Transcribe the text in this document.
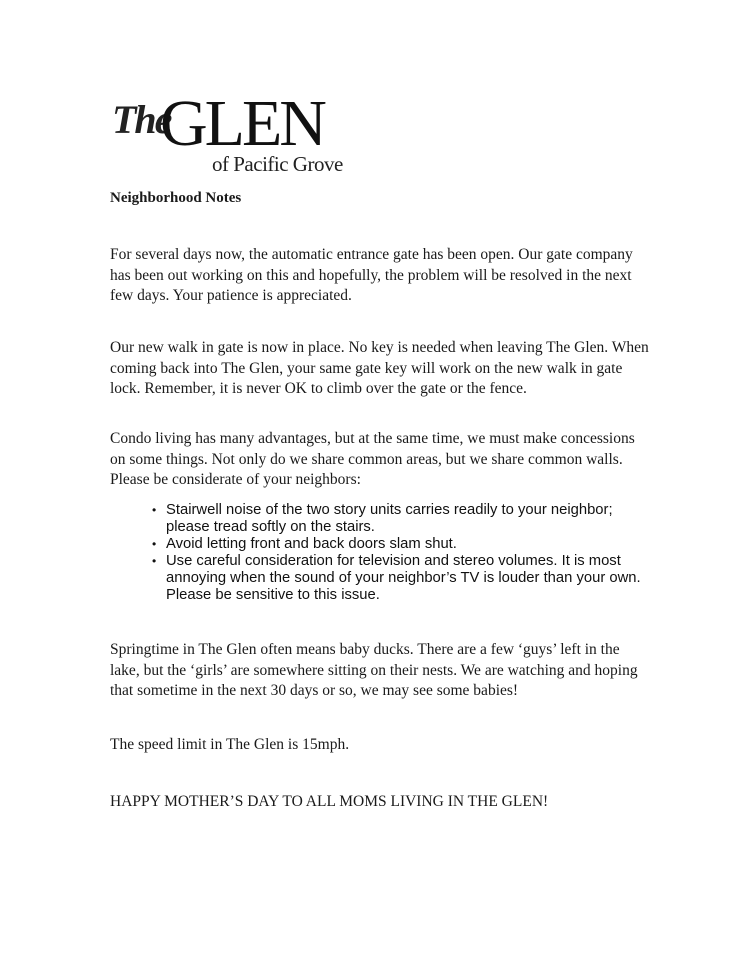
The
GLEN
of Pacific Grove
Neighborhood Notes

For several days now, the automatic entrance gate has been open. Our gate company has been out working on this and hopefully, the problem will be resolved in the next few days. Your patience is appreciated.

Our new walk in gate is now in place. No key is needed when leaving The Glen. When coming back into The Glen, your same gate key will work on the new walk in gate lock. Remember, it is never OK to climb over the gate or the fence.

Condo living has many advantages, but at the same time, we must make concessions on some things. Not only do we share common areas, but we share common walls. Please be considerate of your neighbors:

• Stairwell noise of the two story units carries readily to your neighbor; please tread softly on the stairs.
• Avoid letting front and back doors slam shut.
• Use careful consideration for television and stereo volumes. It is most annoying when the sound of your neighbor’s TV is louder than your own. Please be sensitive to this issue.

Springtime in The Glen often means baby ducks. There are a few ‘guys’ left in the lake, but the ‘girls’ are somewhere sitting on their nests. We are watching and hoping that sometime in the next 30 days or so, we may see some babies!

The speed limit in The Glen is 15mph.

HAPPY MOTHER’S DAY TO ALL MOMS LIVING IN THE GLEN!
